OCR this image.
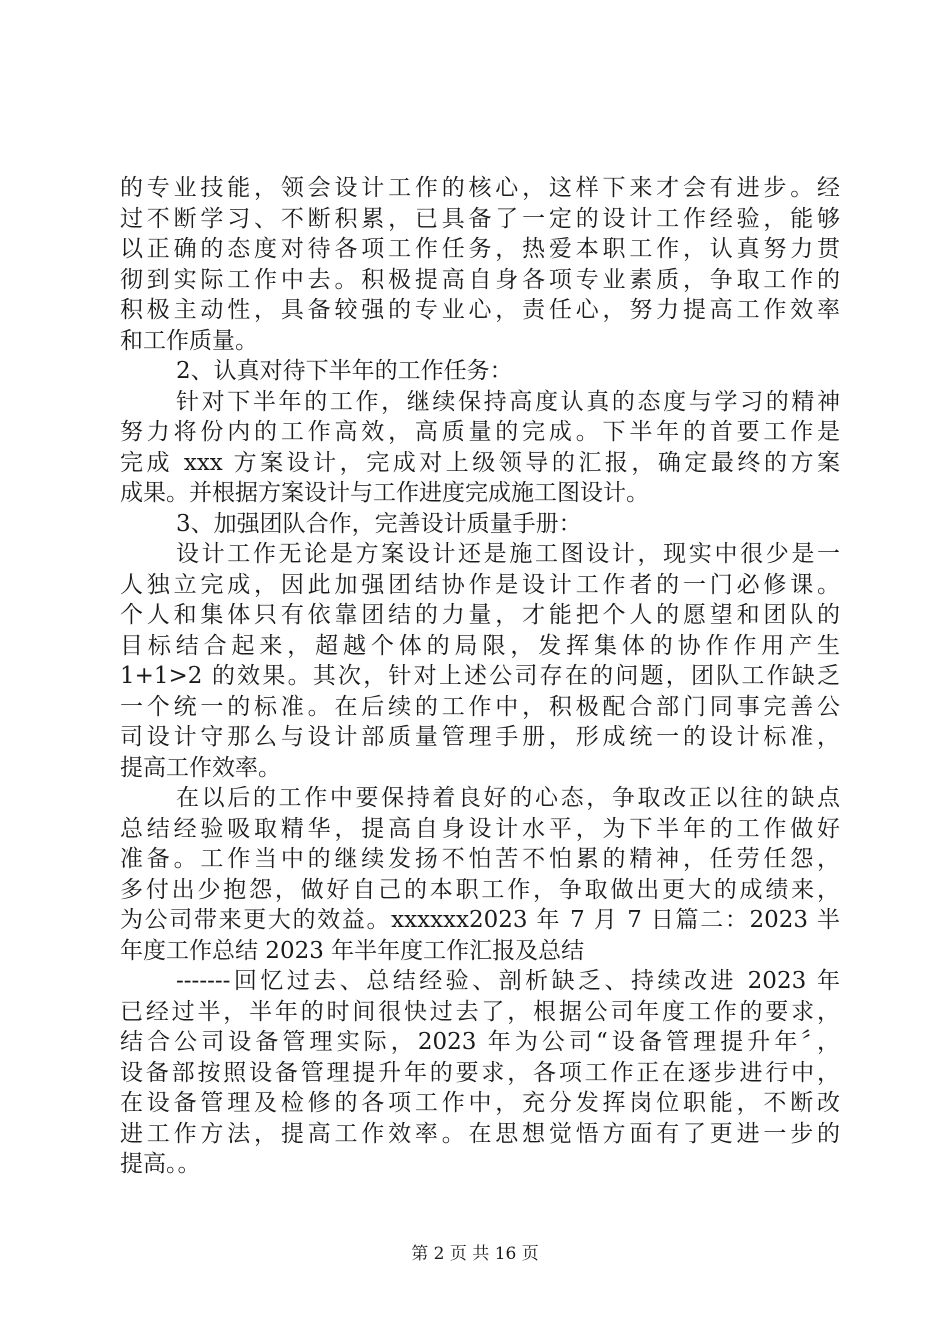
的专业技能，领会设计工作的核心，这样下来才会有进步。经
过不断学习、不断积累，已具备了一定的设计工作经验，能够
以正确的态度对待各项工作任务，热爱本职工作，认真努力贯
彻到实际工作中去。积极提高自身各项专业素质，争取工作的
积极主动性，具备较强的专业心，责任心，努力提高工作效率
和工作质量。
2、认真对待下半年的工作任务：
针对下半年的工作，继续保持高度认真的态度与学习的精神
努力将份内的工作高效，高质量的完成。下半年的首要工作是
完成 xxx 方案设计，完成对上级领导的汇报，确定最终的方案
成果。并根据方案设计与工作进度完成施工图设计。
3、加强团队合作，完善设计质量手册：
设计工作无论是方案设计还是施工图设计，现实中很少是一
人独立完成，因此加强团结协作是设计工作者的一门必修课。
个人和集体只有依靠团结的力量，才能把个人的愿望和团队的
目标结合起来，超越个体的局限，发挥集体的协作作用产生
1+1>2 的效果。其次，针对上述公司存在的问题，团队工作缺乏
一个统一的标准。在后续的工作中，积极配合部门同事完善公
司设计守那么与设计部质量管理手册，形成统一的设计标准，
提高工作效率。
在以后的工作中要保持着良好的心态，争取改正以往的缺点
总结经验吸取精华，提高自身设计水平，为下半年的工作做好
准备。工作当中的继续发扬不怕苦不怕累的精神，任劳任怨，
多付出少抱怨，做好自己的本职工作，争取做出更大的成绩来，
为公司带来更大的效益。xxxxxx2023 年 7 月 7 日篇二：2023 半
年度工作总结 2023 年半年度工作汇报及总结
-------回忆过去、总结经验、剖析缺乏、持续改进 2023 年
已经过半，半年的时间很快过去了，根据公司年度工作的要求，
结合公司设备管理实际，2023 年为公司“设备管理提升年〞，
设备部按照设备管理提升年的要求，各项工作正在逐步进行中，
在设备管理及检修的各项工作中，充分发挥岗位职能，不断改
进工作方法，提高工作效率。在思想觉悟方面有了更进一步的
提高。。
第 2 页 共 16 页
